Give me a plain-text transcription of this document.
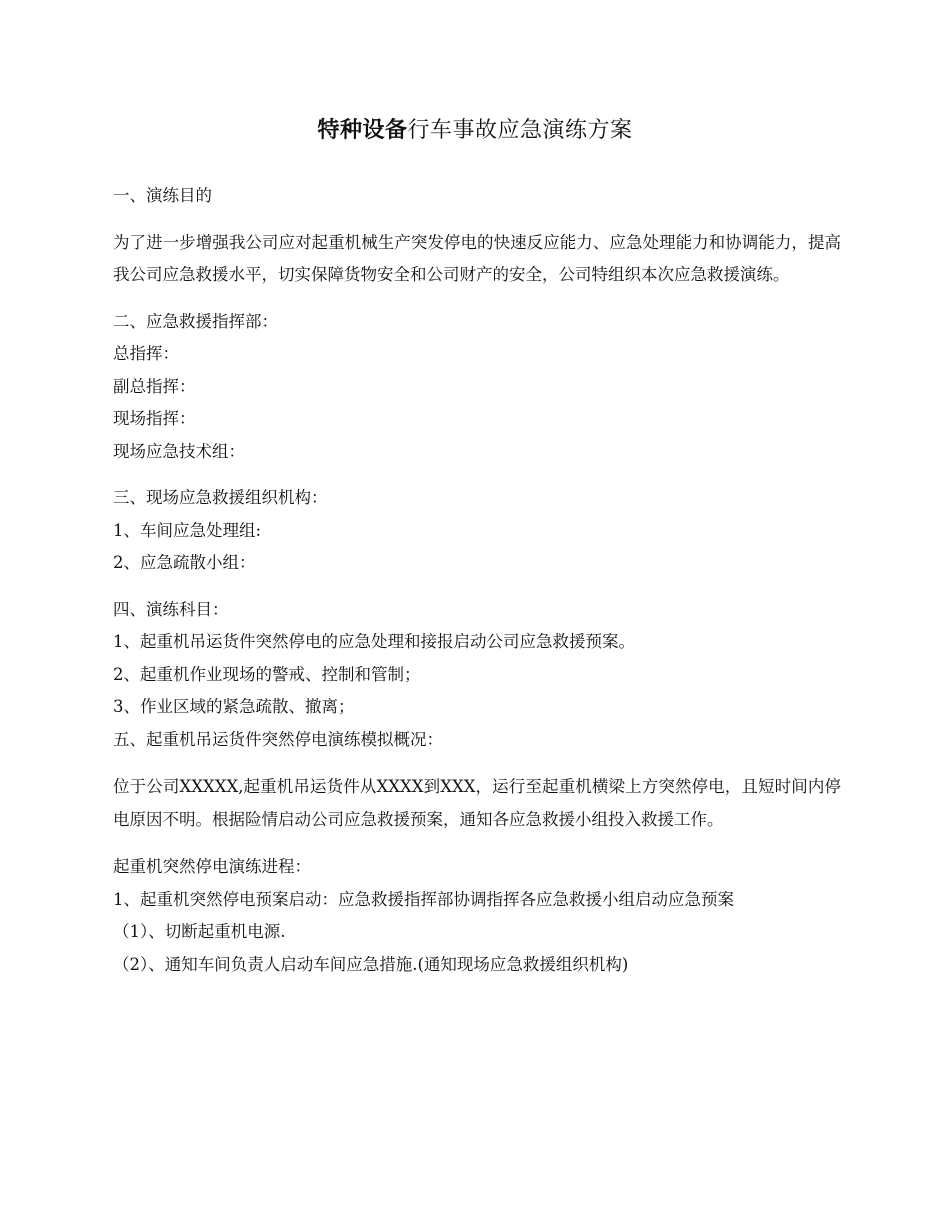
特种设备行车事故应急演练方案
一、演练目的
为了进一步增强我公司应对起重机械生产突发停电的快速反应能力、应急处理能力和协调能力，提高我公司应急救援水平，切实保障货物安全和公司财产的安全，公司特组织本次应急救援演练。
二、应急救援指挥部：
总指挥：
副总指挥：
现场指挥：
现场应急技术组：
三、现场应急救援组织机构：
1、车间应急处理组:
2、应急疏散小组：
四、演练科目：
1、起重机吊运货件突然停电的应急处理和接报启动公司应急救援预案。
2、起重机作业现场的警戒、控制和管制；
3、作业区域的紧急疏散、撤离；
五、起重机吊运货件突然停电演练模拟概况：
位于公司XXXXX,起重机吊运货件从XXXX到XXX，运行至起重机横梁上方突然停电，且短时间内停电原因不明。根据险情启动公司应急救援预案，通知各应急救援小组投入救援工作。
起重机突然停电演练进程：
1、起重机突然停电预案启动：应急救援指挥部协调指挥各应急救援小组启动应急预案
（1）、切断起重机电源.
（2）、通知车间负责人启动车间应急措施.(通知现场应急救援组织机构)
